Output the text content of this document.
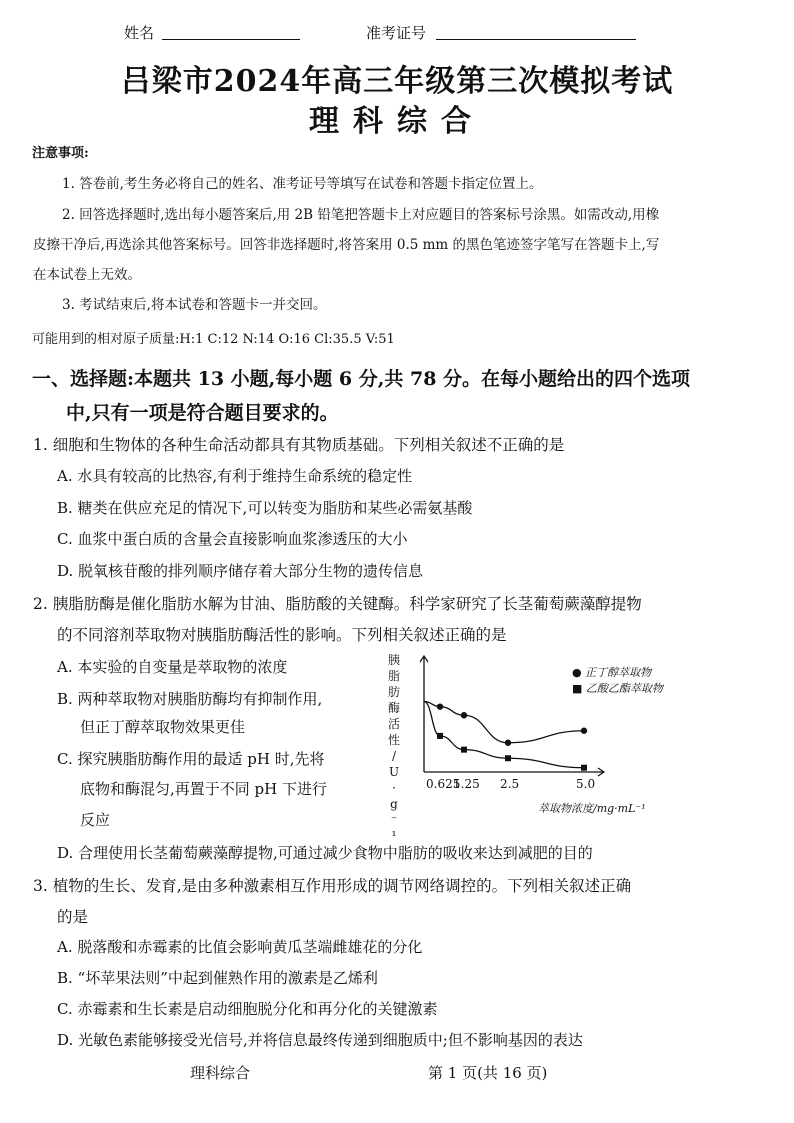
姓名	准考证号
吕梁市2024年高三年级第三次模拟考试
理科综合
注意事项:
1. 答卷前,考生务必将自己的姓名、准考证号等填写在试卷和答题卡指定位置上。
2. 回答选择题时,选出每小题答案后,用 2B 铅笔把答题卡上对应题目的答案标号涂黑。如需改动,用橡
皮擦干净后,再选涂其他答案标号。回答非选择题时,将答案用 0.5 mm 的黑色笔迹签字笔写在答题卡上,写
在本试卷上无效。
3. 考试结束后,将本试卷和答题卡一并交回。
可能用到的相对原子质量:H:1 C:12 N:14 O:16 Cl:35.5 V:51
一、选择题:本题共 13 小题,每小题 6 分,共 78 分。在每小题给出的四个选项
中,只有一项是符合题目要求的。
1. 细胞和生物体的各种生命活动都具有其物质基础。下列相关叙述不正确的是
A. 水具有较高的比热容,有利于维持生命系统的稳定性
B. 糖类在供应充足的情况下,可以转变为脂肪和某些必需氨基酸
C. 血浆中蛋白质的含量会直接影响血浆渗透压的大小
D. 脱氧核苷酸的排列顺序储存着大部分生物的遗传信息
2. 胰脂肪酶是催化脂肪水解为甘油、脂肪酸的关键酶。科学家研究了长茎葡萄蕨藻醇提物
的不同溶剂萃取物对胰脂肪酶活性的影响。下列相关叙述正确的是
A. 本实验的自变量是萃取物的浓度
B. 两种萃取物对胰脂肪酶均有抑制作用,
但正丁醇萃取物效果更佳
C. 探究胰脂肪酶作用的最适 pH 时,先将
底物和酶混匀,再置于不同 pH 下进行
反应
D. 合理使用长茎葡萄蕨藻醇提物,可通过减少食物中脂肪的吸收来达到减肥的目的
胰
脂
肪
酶
活
性
/
U
·
g
⁻
¹
● 正丁醇萃取物
■ 乙酸乙酯萃取物
0.625
1.25 2.5	5.0
萃取物浓度/mg·mL⁻¹
3. 植物的生长、发育,是由多种激素相互作用形成的调节网络调控的。下列相关叙述正确
的是
A. 脱落酸和赤霉素的比值会影响黄瓜茎端雌雄花的分化
B. “坏苹果法则”中起到催熟作用的激素是乙烯利
C. 赤霉素和生长素是启动细胞脱分化和再分化的关键激素
D. 光敏色素能够接受光信号,并将信息最终传递到细胞质中;但不影响基因的表达
理科综合	第 1 页(共 16 页)
